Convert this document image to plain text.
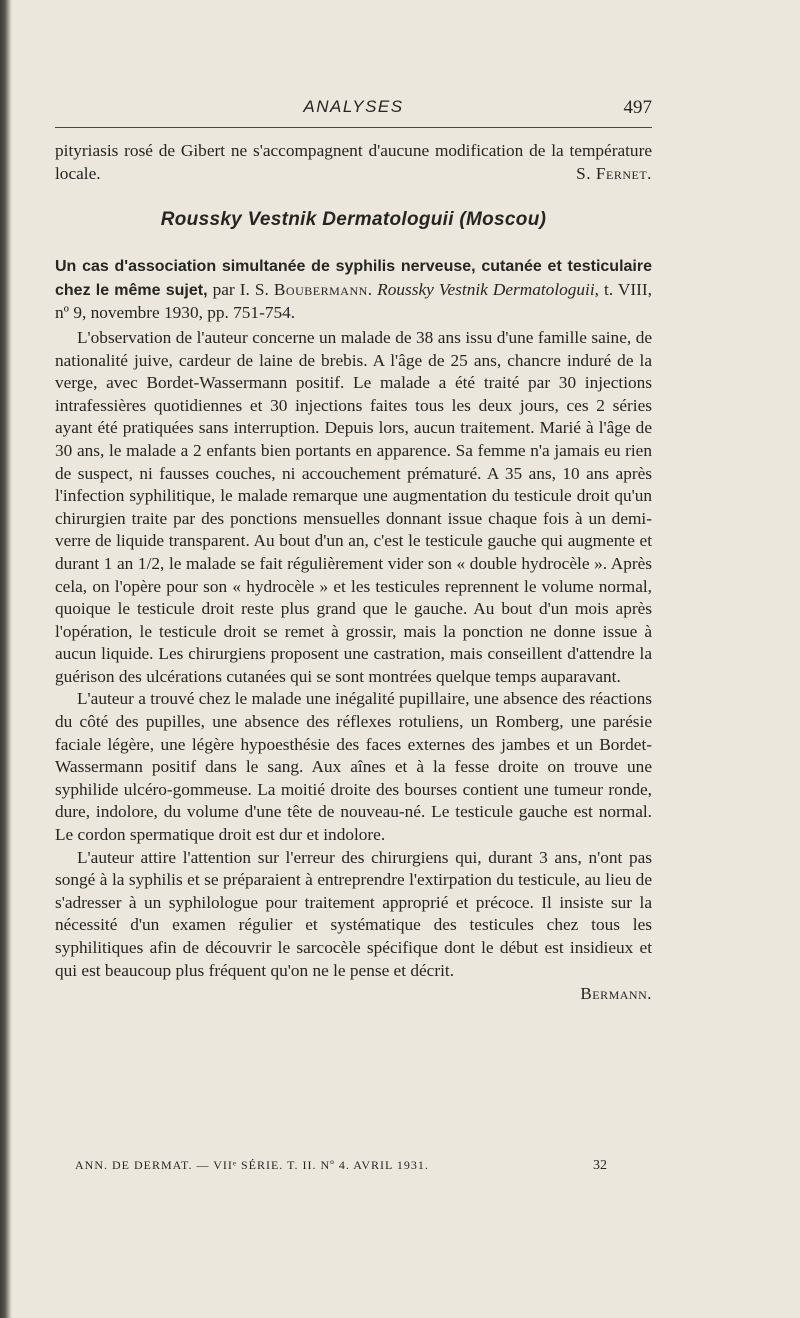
ANALYSES	497

pityriasis rosé de Gibert ne s'accompagnent d'aucune modification de la température locale.	S. Fernet.

Roussky Vestnik Dermatologuii (Moscou)

Un cas d'association simultanée de syphilis nerveuse, cutanée et testiculaire chez le même sujet, par I. S. Boubermann. Roussky Vestnik Dermatologuii, t. VIII, nº 9, novembre 1930, pp. 751-754.

L'observation de l'auteur concerne un malade de 38 ans issu d'une famille saine, de nationalité juive, cardeur de laine de brebis. A l'âge de 25 ans, chancre induré de la verge, avec Bordet-Wassermann positif. Le malade a été traité par 30 injections intrafessières quotidiennes et 30 injections faites tous les deux jours, ces 2 séries ayant été pratiquées sans interruption. Depuis lors, aucun traitement. Marié à l'âge de 30 ans, le malade a 2 enfants bien portants en apparence. Sa femme n'a jamais eu rien de suspect, ni fausses couches, ni accouchement prématuré. A 35 ans, 10 ans après l'infection syphilitique, le malade remarque une augmentation du testicule droit qu'un chirurgien traite par des ponctions mensuelles donnant issue chaque fois à un demi-verre de liquide transparent. Au bout d'un an, c'est le testicule gauche qui augmente et durant 1 an 1/2, le malade se fait régulièrement vider son « double hydrocèle ». Après cela, on l'opère pour son « hydrocèle » et les testicules reprennent le volume normal, quoique le testicule droit reste plus grand que le gauche. Au bout d'un mois après l'opération, le testicule droit se remet à grossir, mais la ponction ne donne issue à aucun liquide. Les chirurgiens proposent une castration, mais conseillent d'attendre la guérison des ulcérations cutanées qui se sont montrées quelque temps auparavant.

L'auteur a trouvé chez le malade une inégalité pupillaire, une absence des réactions du côté des pupilles, une absence des réflexes rotuliens, un Romberg, une parésie faciale légère, une légère hypoesthésie des faces externes des jambes et un Bordet-Wassermann positif dans le sang. Aux aînes et à la fesse droite on trouve une syphilide ulcéro-gommeuse. La moitié droite des bourses contient une tumeur ronde, dure, indolore, du volume d'une tête de nouveau-né. Le testicule gauche est normal. Le cordon spermatique droit est dur et indolore.

L'auteur attire l'attention sur l'erreur des chirurgiens qui, durant 3 ans, n'ont pas songé à la syphilis et se préparaient à entreprendre l'extirpation du testicule, au lieu de s'adresser à un syphilologue pour traitement approprié et précoce. Il insiste sur la nécessité d'un examen régulier et systématique des testicules chez tous les syphilitiques afin de découvrir le sarcocèle spécifique dont le début est insidieux et qui est beaucoup plus fréquent qu'on ne le pense et décrit.

Bermann.
ANN. DE DERMAT. — VIIᵉ SÉRIE. T. II. Nº 4. AVRIL 1931.	32
